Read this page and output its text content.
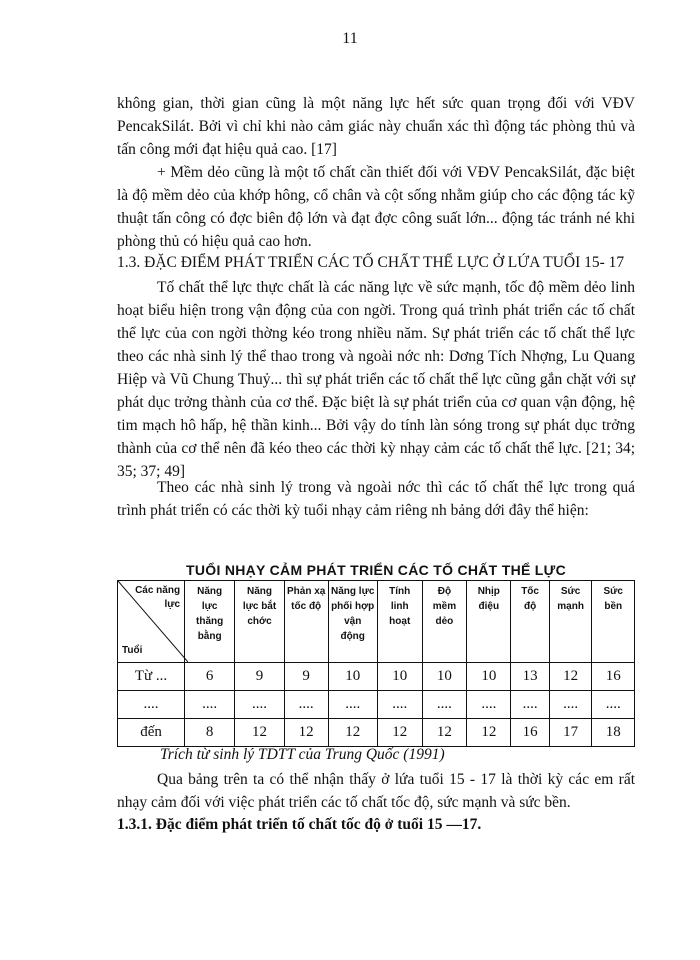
11

không gian, thời gian cũng là một năng lực hết sức quan trọng đối với VĐV PencakSilát. Bởi vì chỉ khi nào cảm giác này chuẩn xác thì động tác phòng thủ và tấn công mới đạt hiệu quả cao. [17]

+ Mềm dẻo cũng là một tố chất cần thiết đối với VĐV PencakSilát, đặc biệt là độ mềm dẻo của khớp hông, cổ chân và cột sống nhằm giúp cho các động tác kỹ thuật tấn công có đợc biên độ lớn và đạt đợc công suất lớn... động tác tránh né khi phòng thủ có hiệu quả cao hơn.

1.3. ĐẶC ĐIỂM PHÁT TRIỂN CÁC TỐ CHẤT THỂ LỰC Ở LỨA TUỔI 15- 17

Tố chất thể lực thực chất là các năng lực về sức mạnh, tốc độ mềm dẻo linh hoạt biểu hiện trong vận động của con ngời. Trong quá trình phát triển các tố chất thể lực của con ngời thờng kéo trong nhiều năm. Sự phát triển các tố chất thể lực theo các nhà sinh lý thể thao trong và ngoài nớc nh: Dơng Tích Nhợng, Lu Quang Hiệp và Vũ Chung Thuỷ... thì sự phát triển các tố chất thể lực cũng gắn chặt với sự phát dục trởng thành của cơ thể. Đặc biệt là sự phát triển của cơ quan vận động, hệ tim mạch hô hấp, hệ thần kinh... Bởi vậy do tính làn sóng trong sự phát dục trởng thành của cơ thể nên đã kéo theo các thời kỳ nhạy cảm các tố chất thể lực. [21; 34; 35; 37; 49]

Theo các nhà sinh lý trong và ngoài nớc thì các tố chất thể lực trong quá trình phát triển có các thời kỳ tuổi nhạy cảm riêng nh bảng dới đây thể hiện:

TUỔI NHẠY CẢM PHÁT TRIỂN CÁC TỐ CHẤT THỂ LỰC
Các năng
lực
Tuổi	Năng lực thăng bằng	Năng lực bắt chớc	Phản xạ tốc độ	Năng lực phối hợp vận động	Tính linh hoạt	Độ mềm dẻo	Nhịp điệu	Tốc độ	Sức mạnh	Sức bền

Từ ...	6	9	9	10	10	10	10	13	12	16
....	....	....	....	....	....	....	....	....	....	....
đến	8	12	12	12	12	12	12	16	17	18

Trích từ sinh lý TDTT của Trung Quốc (1991)

Qua bảng trên ta có thể nhận thấy ở lứa tuổi 15 - 17 là thời kỳ các em rất nhạy cảm đối với việc phát triển các tố chất tốc độ, sức mạnh và sức bền.

1.3.1. Đặc điểm phát triển tố chất tốc độ ở tuổi 15 —17.
